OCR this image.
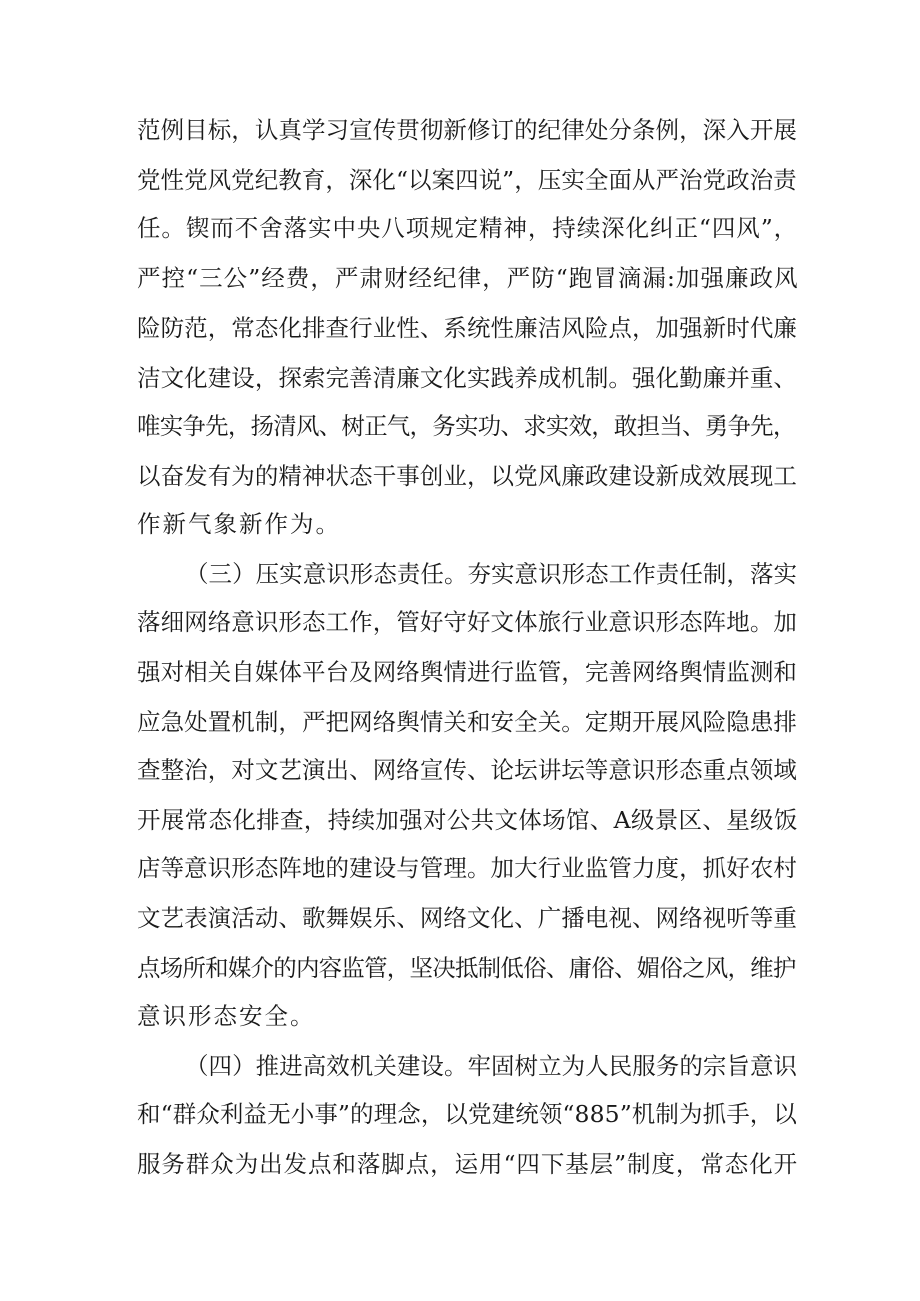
范例目标，认真学习宣传贯彻新修订的纪律处分条例，深入开展
党性党风党纪教育，深化“以案四说”，压实全面从严治党政治责
任。锲而不舍落实中央八项规定精神，持续深化纠正“四风”，
严控“三公”经费，严肃财经纪律，严防“跑冒滴漏:加强廉政风
险防范，常态化排查行业性、系统性廉洁风险点，加强新时代廉
洁文化建设，探索完善清廉文化实践养成机制。强化勤廉并重、
唯实争先，扬清风、树正气，务实功、求实效，敢担当、勇争先，
以奋发有为的精神状态干事创业，以党风廉政建设新成效展现工
作新气象新作为。
（三）压实意识形态责任。夯实意识形态工作责任制，落实
落细网络意识形态工作，管好守好文体旅行业意识形态阵地。加
强对相关自媒体平台及网络舆情进行监管，完善网络舆情监测和
应急处置机制，严把网络舆情关和安全关。定期开展风险隐患排
查整治，对文艺演出、网络宣传、论坛讲坛等意识形态重点领域
开展常态化排查，持续加强对公共文体场馆、A级景区、星级饭
店等意识形态阵地的建设与管理。加大行业监管力度，抓好农村
文艺表演活动、歌舞娱乐、网络文化、广播电视、网络视听等重
点场所和媒介的内容监管，坚决抵制低俗、庸俗、媚俗之风，维护
意识形态安全。
（四）推进高效机关建设。牢固树立为人民服务的宗旨意识
和“群众利益无小事”的理念，以党建统领“885”机制为抓手，以
服务群众为出发点和落脚点，运用“四下基层”制度，常态化开
